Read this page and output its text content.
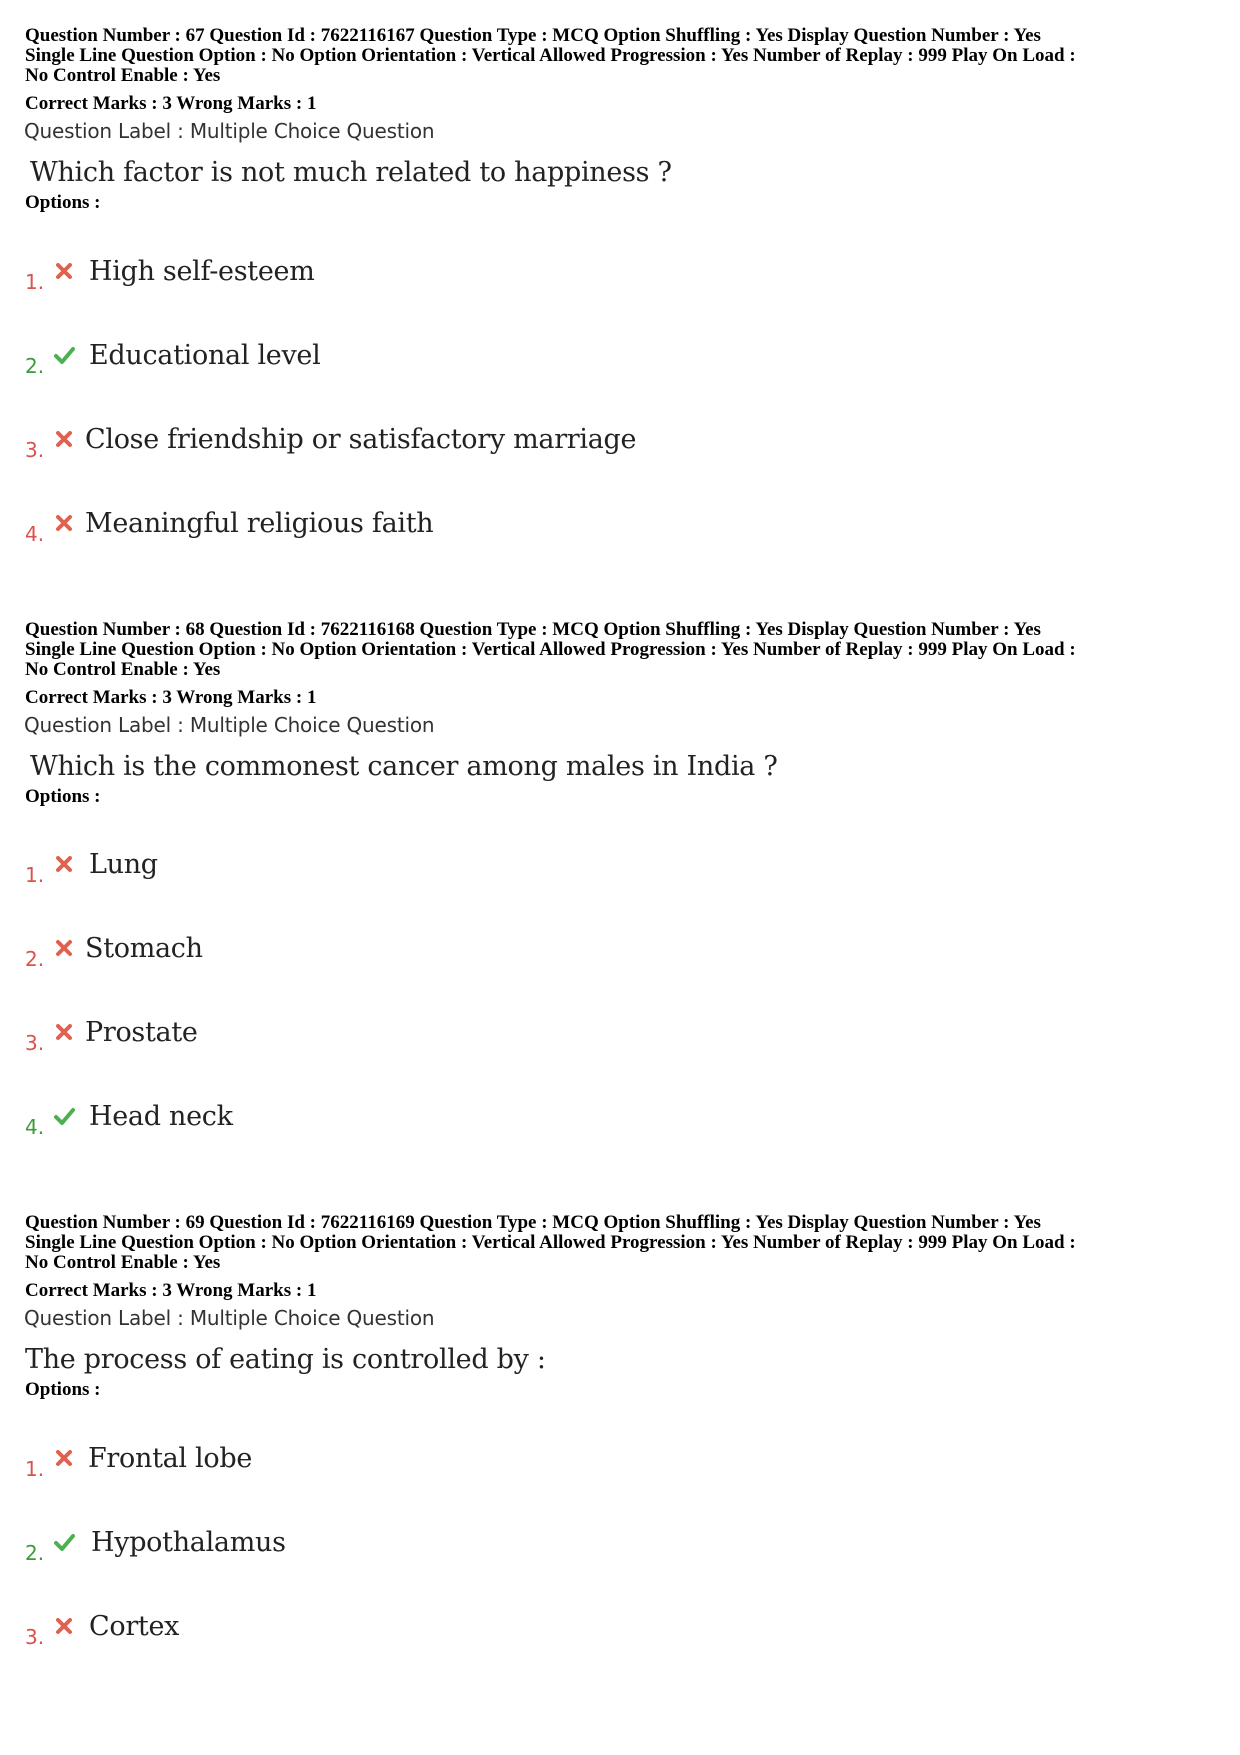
Question Number : 67 Question Id : 7622116167 Question Type : MCQ Option Shuffling : Yes Display Question Number : Yes
Single Line Question Option : No Option Orientation : Vertical Allowed Progression : Yes Number of Replay : 999 Play On Load :
No Control Enable : Yes
Correct Marks : 3 Wrong Marks : 1
Question Label : Multiple Choice Question
Which factor is not much related to happiness ?
Options :
1. High self-esteem
2. Educational level
3. Close friendship or satisfactory marriage
4. Meaningful religious faith
Question Number : 68 Question Id : 7622116168 Question Type : MCQ Option Shuffling : Yes Display Question Number : Yes
Single Line Question Option : No Option Orientation : Vertical Allowed Progression : Yes Number of Replay : 999 Play On Load :
No Control Enable : Yes
Correct Marks : 3 Wrong Marks : 1
Question Label : Multiple Choice Question
Which is the commonest cancer among males in India ?
Options :
1. Lung
2. Stomach
3. Prostate
4. Head neck
Question Number : 69 Question Id : 7622116169 Question Type : MCQ Option Shuffling : Yes Display Question Number : Yes
Single Line Question Option : No Option Orientation : Vertical Allowed Progression : Yes Number of Replay : 999 Play On Load :
No Control Enable : Yes
Correct Marks : 3 Wrong Marks : 1
Question Label : Multiple Choice Question
The process of eating is controlled by :
Options :
1. Frontal lobe
2. Hypothalamus
3. Cortex
